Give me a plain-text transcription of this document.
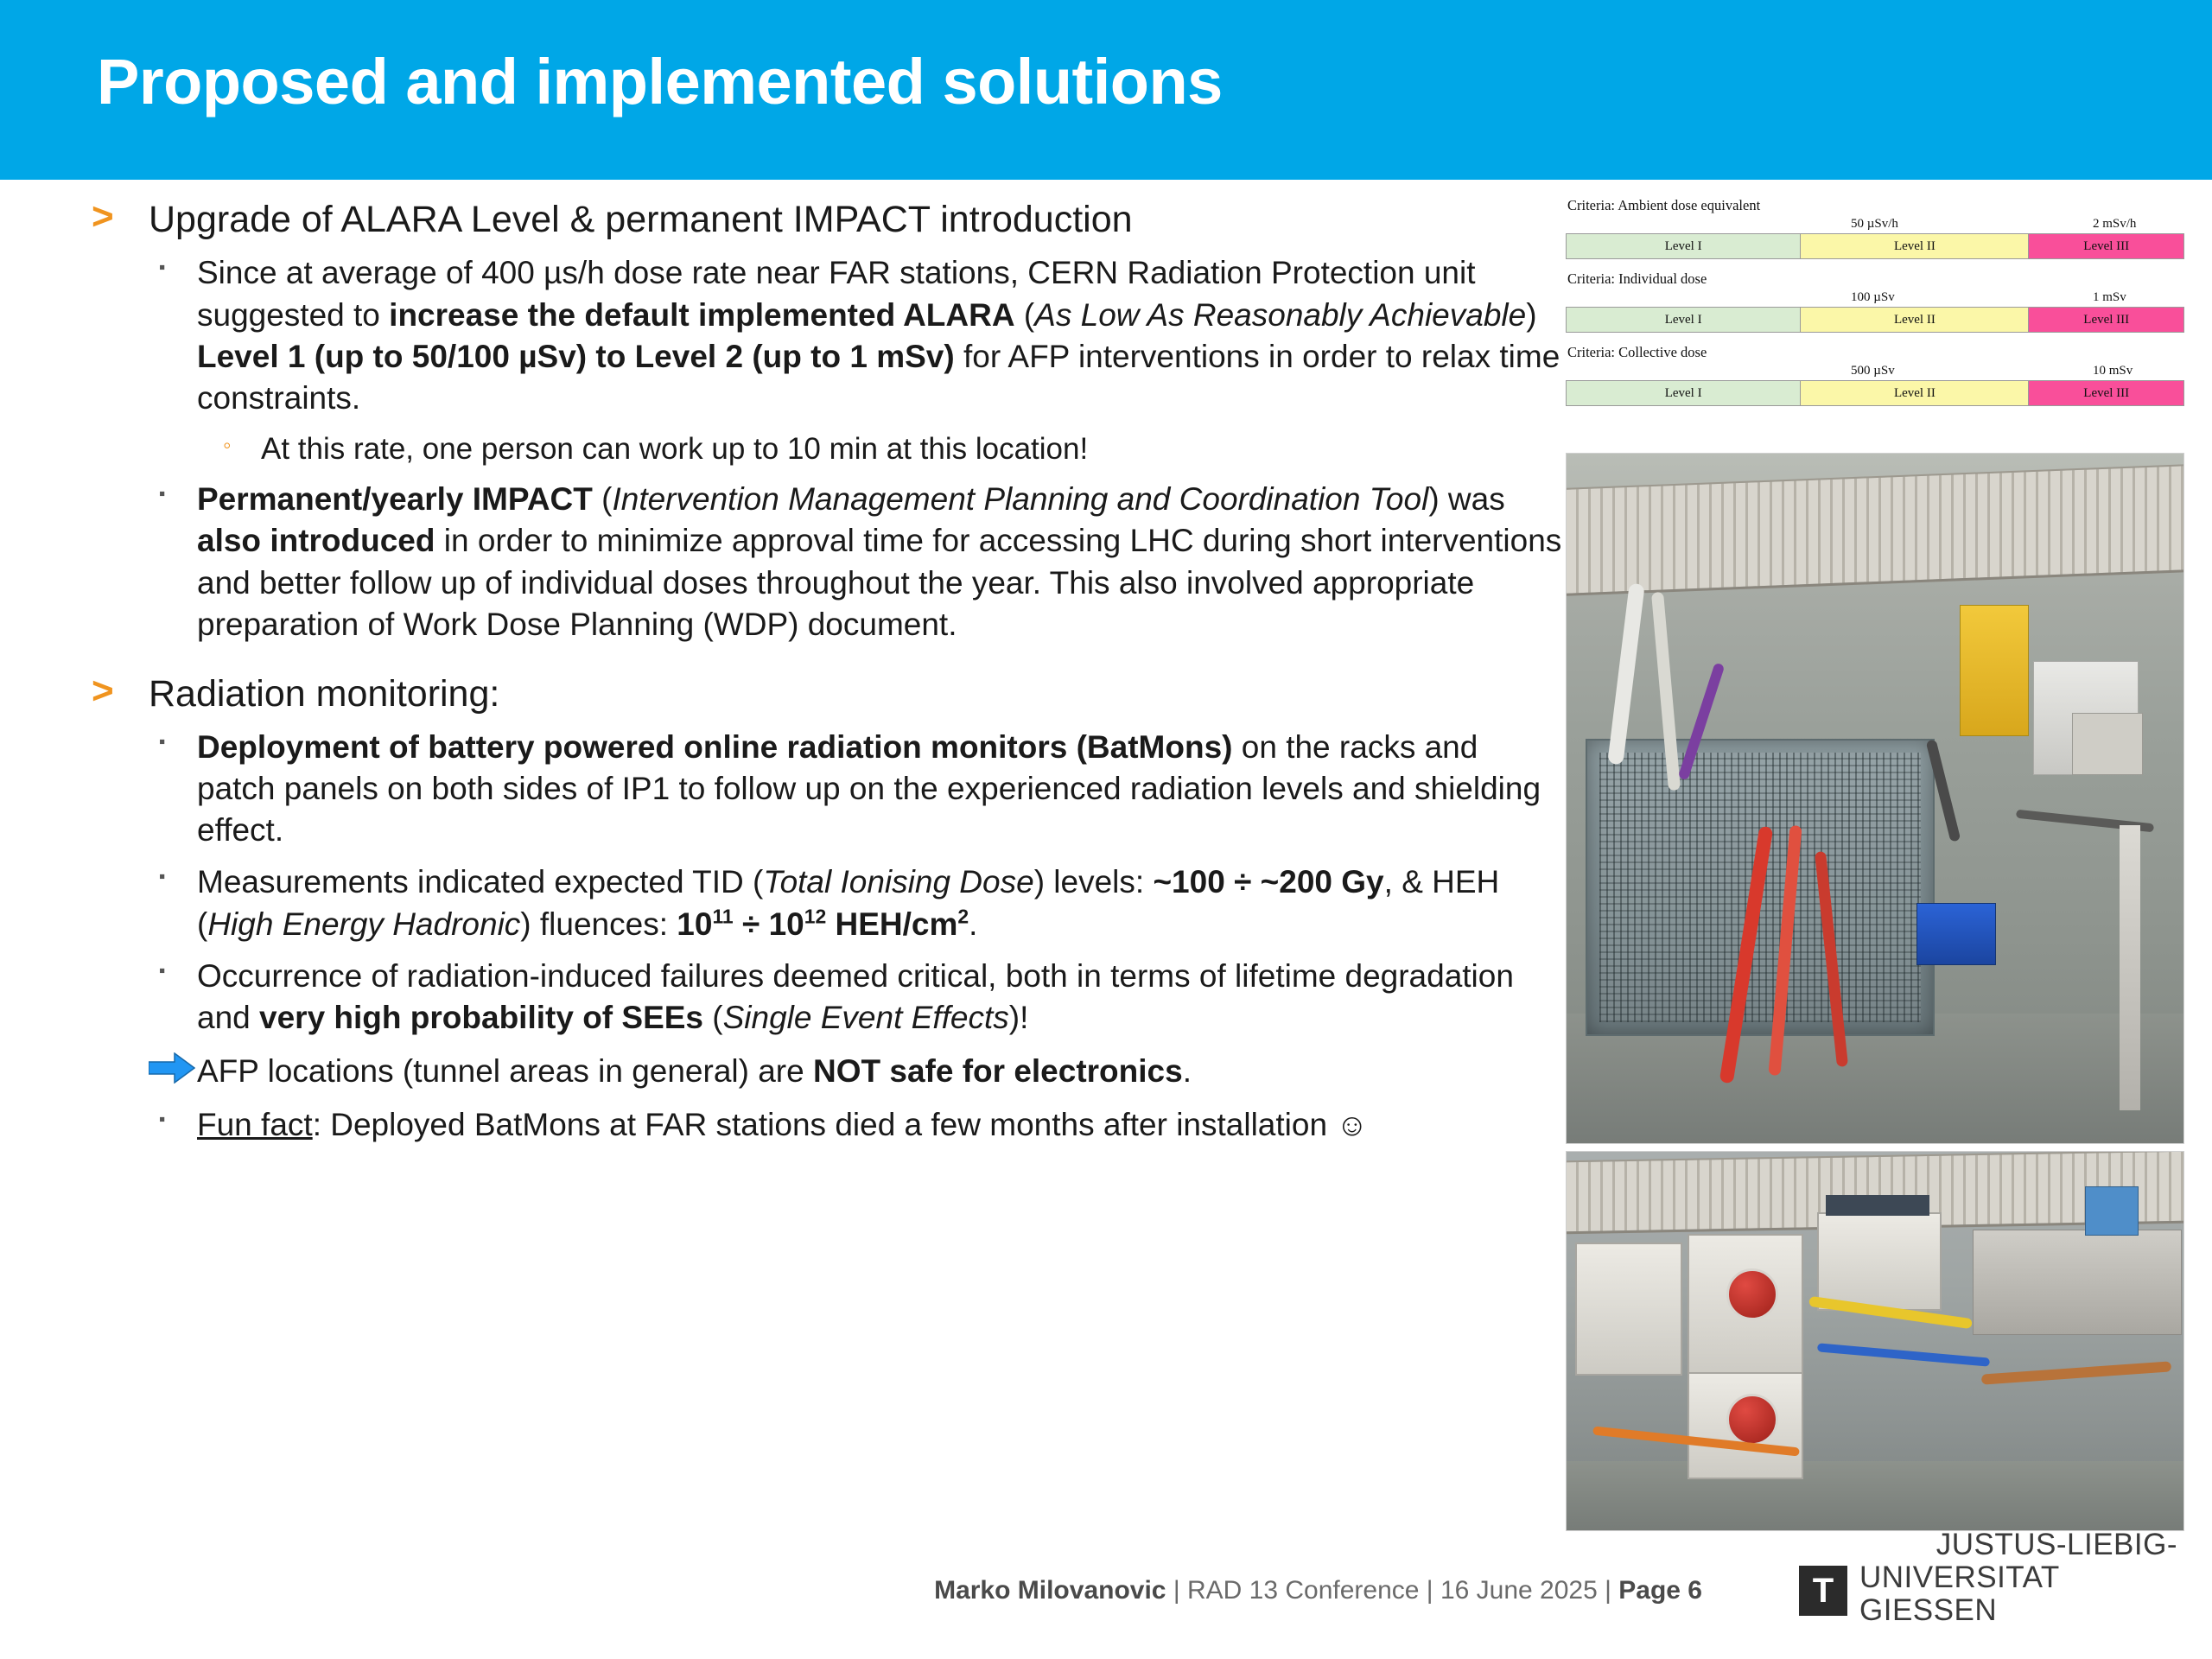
Proposed and implemented solutions
> Upgrade of ALARA Level & permanent IMPACT introduction
▪ Since at average of 400 µs/h dose rate near FAR stations, CERN Radiation Protection unit suggested to increase the default implemented ALARA (As Low As Reasonably Achievable) Level 1 (up to 50/100 µSv) to Level 2 (up to 1 mSv) for AFP interventions in order to relax time constraints.
◦ At this rate, one person can work up to 10 min at this location!
▪ Permanent/yearly IMPACT (Intervention Management Planning and Coordination Tool) was also introduced in order to minimize approval time for accessing LHC during short interventions and better follow up of individual doses throughout the year. This also involved appropriate preparation of Work Dose Planning (WDP) document.
> Radiation monitoring:
▪ Deployment of battery powered online radiation monitors (BatMons) on the racks and patch panels on both sides of IP1 to follow up on the experienced radiation levels and shielding effect.
▪ Measurements indicated expected TID (Total Ionising Dose) levels: ~100 ÷ ~200 Gy, & HEH (High Energy Hadronic) fluences: $10^{11} \div 10^{12}$ HEH/$cm^2$.
▪ Occurrence of radiation-induced failures deemed critical, both in terms of lifetime degradation and very high probability of SEEs (Single Event Effects)!
AFP locations (tunnel areas in general) are NOT safe for electronics.
▪ Fun fact: Deployed BatMons at FAR stations died a few months after installation ☺
Criteria: Ambient dose equivalent
50 µSv/h	2 mSv/h
Level I	Level II	Level III
Criteria: Individual dose
100 µSv	1 mSv
Level I	Level II	Level III
Criteria: Collective dose
500 µSv	10 mSv
Level I	Level II	Level III
Marko Milovanovic | RAD 13 Conference | 16 June 2025 | Page 6
JUSTUS-LIEBIG-
T UNIVERSITAT
GIESSEN
